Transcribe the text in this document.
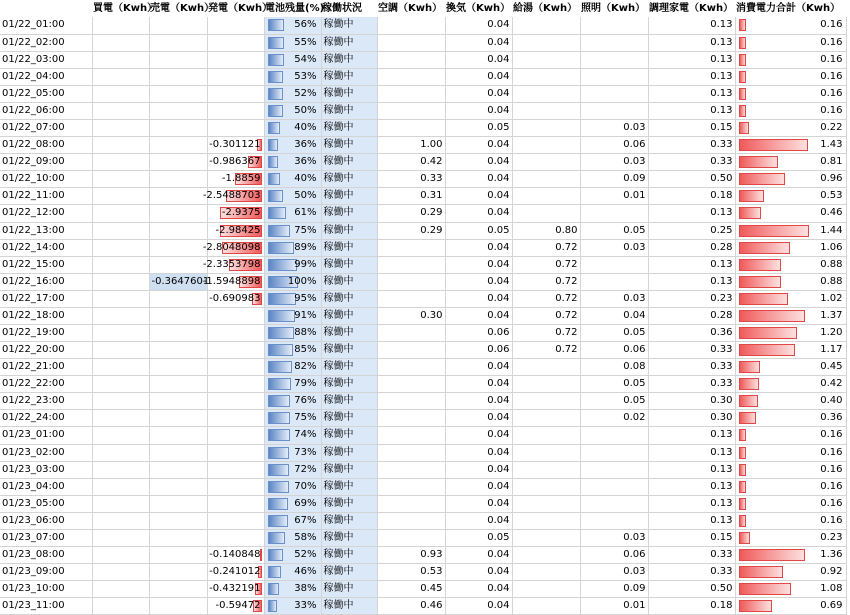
	買電（Kwh）	売電（Kwh）	発電（Kwh）	電池残量(%)	稼働状況	空調（Kwh）	換気（Kwh）	給湯（Kwh）	照明（Kwh）	調理家電（Kwh）	消費電力合計（Kwh）
01/22_01:00				56%	稼働中		0.04			0.13	0.16

01/22_02:00				55%	稼働中		0.04			0.13	0.16

01/22_03:00				54%	稼働中		0.04			0.13	0.16

01/22_04:00				53%	稼働中		0.04			0.13	0.16

01/22_05:00				52%	稼働中		0.04			0.13	0.16

01/22_06:00				50%	稼働中		0.04			0.13	0.16

01/22_07:00				40%	稼働中		0.05		0.03	0.15	0.22

01/22_08:00			-0.301121	36%	稼働中	1.00	0.04		0.06	0.33	1.43

01/22_09:00			-0.986367	36%	稼働中	0.42	0.04		0.03	0.33	0.81

01/22_10:00			-1.8859	40%	稼働中	0.33	0.04		0.09	0.50	0.96

01/22_11:00			-2.5488703	50%	稼働中	0.31	0.04		0.01	0.18	0.53

01/22_12:00			-2.9375	61%	稼働中	0.29	0.04			0.13	0.46

01/22_13:00			-2.98425	75%	稼働中	0.29	0.05	0.80	0.05	0.25	1.44

01/22_14:00			-2.8048098	89%	稼働中		0.04	0.72	0.03	0.28	1.06

01/22_15:00			-2.3353798	99%	稼働中		0.04	0.72		0.13	0.88

01/22_16:00		-0.3647601	-1.5948898	100%	稼働中		0.04	0.72		0.13	0.88

01/22_17:00			-0.690983	95%	稼働中		0.04	0.72	0.03	0.23	1.02

01/22_18:00				91%	稼働中	0.30	0.04	0.72	0.04	0.28	1.37

01/22_19:00				88%	稼働中		0.06	0.72	0.05	0.36	1.20

01/22_20:00				85%	稼働中		0.06	0.72	0.06	0.33	1.17

01/22_21:00				82%	稼働中		0.04		0.08	0.33	0.45

01/22_22:00				79%	稼働中		0.04		0.05	0.33	0.42

01/22_23:00				76%	稼働中		0.04		0.05	0.30	0.40

01/22_24:00				75%	稼働中		0.04		0.02	0.30	0.36

01/23_01:00				74%	稼働中		0.04			0.13	0.16

01/23_02:00				73%	稼働中		0.04			0.13	0.16

01/23_03:00				72%	稼働中		0.04			0.13	0.16

01/23_04:00				70%	稼働中		0.04			0.13	0.16

01/23_05:00				69%	稼働中		0.04			0.13	0.16

01/23_06:00				67%	稼働中		0.04			0.13	0.16

01/23_07:00				58%	稼働中		0.05		0.03	0.15	0.23

01/23_08:00			-0.140848	52%	稼働中	0.93	0.04		0.06	0.33	1.36

01/23_09:00			-0.241012	46%	稼働中	0.53	0.04		0.03	0.33	0.92

01/23_10:00			-0.432191	38%	稼働中	0.45	0.04		0.09	0.50	1.08

01/23_11:00			-0.59472	33%	稼働中	0.46	0.04		0.01	0.18	0.69
